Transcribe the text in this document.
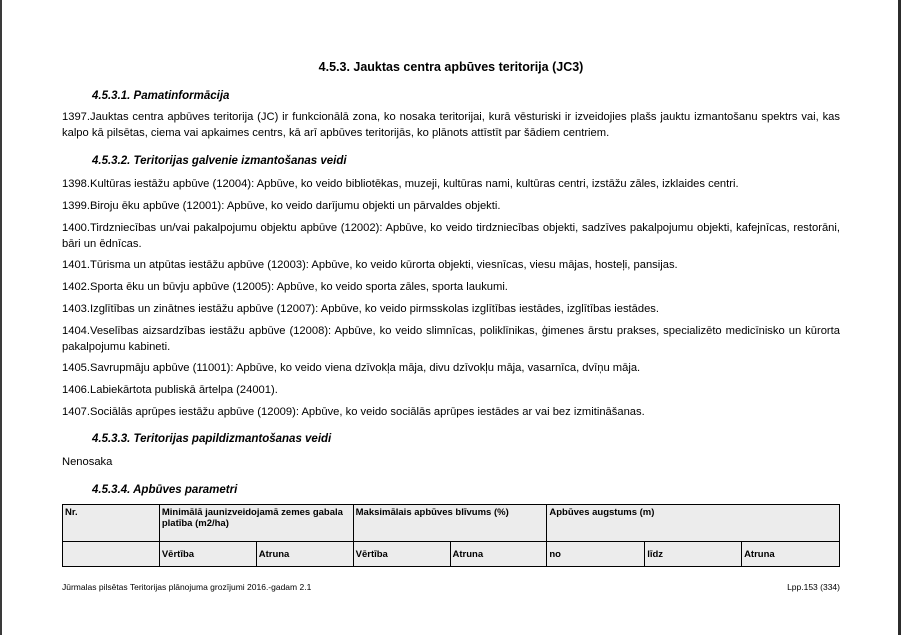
4.5.3. Jauktas centra apbūves teritorija (JC3)
4.5.3.1. Pamatinformācija
1397.Jauktas centra apbūves teritorija (JC) ir funkcionālā zona, ko nosaka teritorijai, kurā vēsturiski ir izveidojies plašs jauktu izmantošanu spektrs vai, kas kalpo kā pilsētas, ciema vai apkaimes centrs, kā arī apbūves teritorijās, ko plānots attīstīt par šādiem centriem.
4.5.3.2. Teritorijas galvenie izmantošanas veidi
1398.Kultūras iestāžu apbūve (12004): Apbūve, ko veido bibliotēkas, muzeji, kultūras nami, kultūras centri, izstāžu zāles, izklaides centri.
1399.Biroju ēku apbūve (12001): Apbūve, ko veido darījumu objekti un pārvaldes objekti.
1400.Tirdzniecības un/vai pakalpojumu objektu apbūve (12002): Apbūve, ko veido tirdzniecības objekti, sadzīves pakalpojumu objekti, kafejnīcas, restorāni, bāri un ēdnīcas.
1401.Tūrisma un atpūtas iestāžu apbūve (12003): Apbūve, ko veido kūrorta objekti, viesnīcas, viesu mājas, hosteļi, pansijas.
1402.Sporta ēku un būvju apbūve (12005): Apbūve, ko veido sporta zāles, sporta laukumi.
1403.Izglītības un zinātnes iestāžu apbūve (12007): Apbūve, ko veido pirmsskolas izglītības iestādes, izglītības iestādes.
1404.Veselības aizsardzības iestāžu apbūve (12008): Apbūve, ko veido slimnīcas, poliklīnikas, ģimenes ārstu prakses, specializēto medicīnisko un kūrorta pakalpojumu kabineti.
1405.Savrupmāju apbūve (11001): Apbūve, ko veido viena dzīvokļa māja, divu dzīvokļu māja, vasarnīca, dvīņu māja.
1406.Labiekārtota publiskā ārtelpa (24001).
1407.Sociālās aprūpes iestāžu apbūve (12009): Apbūve, ko veido sociālās aprūpes iestādes ar vai bez izmitināšanas.
4.5.3.3. Teritorijas papildizmantošanas veidi
Nenosaka
4.5.3.4. Apbūves parametri
Nr.	Minimālā jaunizveidojamā zemes gabala platība (m2/ha)		Maksimālais apbūves blīvums (%)		Apbūves augstums (m)		
	Vērtība	Atruna	Vērtība	Atruna	no	līdz	Atruna
Jūrmalas pilsētas Teritorijas plānojuma grozījumi 2016.-gadam 2.1	Lpp.153 (334)
